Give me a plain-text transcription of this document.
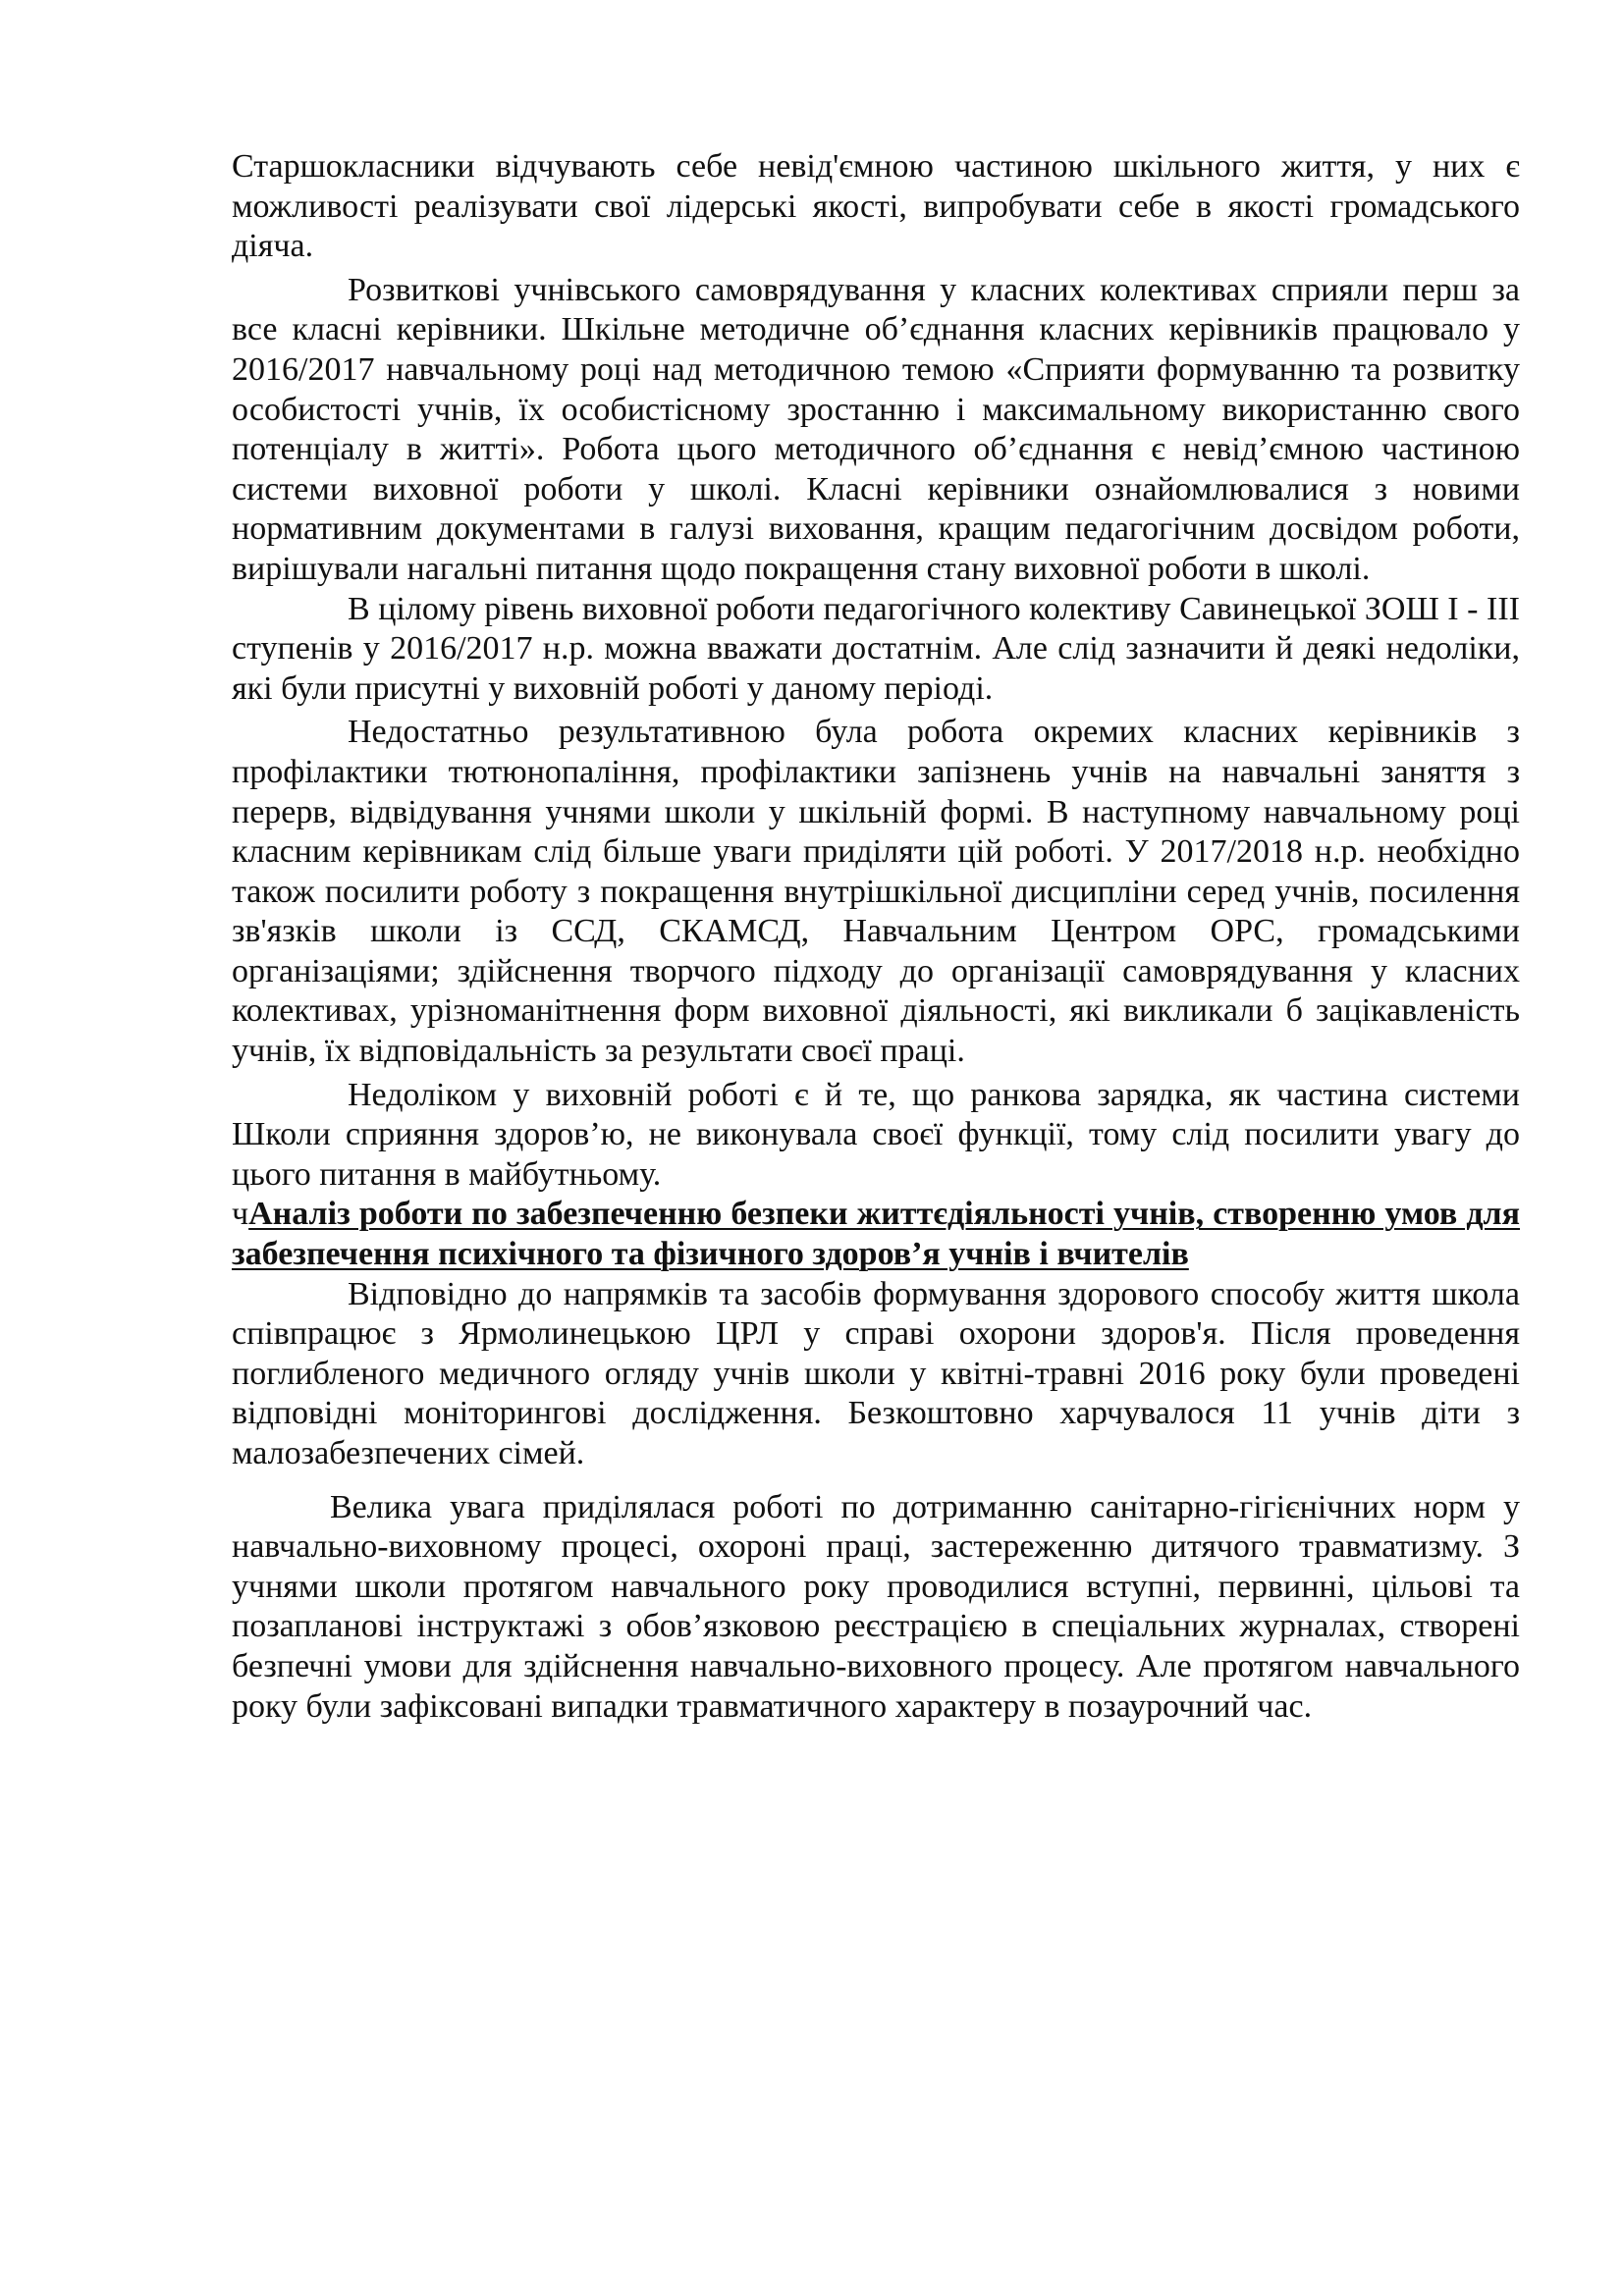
Старшокласники відчувають себе невід'ємною частиною шкільного життя, у них є можливості реалізувати свої лідерські якості, випробувати себе в якості громадського діяча.

Розвиткові учнівського самоврядування у класних колективах сприяли перш за все класні керівники. Шкільне методичне об’єднання класних керівників працювало у 2016/2017 навчальному році над методичною темою «Сприяти формуванню та розвитку особистості учнів, їх особистісному зростанню і максимальному використанню свого потенціалу в житті». Робота цього методичного об’єднання є невід’ємною частиною системи виховної роботи у школі. Класні керівники ознайомлювалися з новими нормативним документами в галузі виховання, кращим педагогічним досвідом роботи, вирішували нагальні питання щодо покращення стану виховної роботи в школі.

В цілому рівень виховної роботи педагогічного колективу Савинецької ЗОШ І - ІІІ ступенів у 2016/2017 н.р. можна вважати достатнім. Але слід зазначити й деякі недоліки, які були присутні у виховній роботі у даному періоді.

Недостатньо результативною була робота окремих класних керівників з профілактики тютюнопаління, профілактики запізнень учнів на навчальні заняття з перерв, відвідування учнями школи у шкільній формі. В наступному навчальному році класним керівникам слід більше уваги приділяти цій роботі. У 2017/2018 н.р. необхідно також посилити роботу з покращення внутрішкільної дисципліни серед учнів, посилення зв'язків школи із ССД, СКАМСД, Навчальним Центром ОРС, громадськими організаціями; здійснення творчого підходу до організації самоврядування у класних колективах, урізноманітнення форм виховної діяльності, які викликали б зацікавленість учнів, їх відповідальність за результати своєї праці.

Недоліком у виховній роботі є й те, що ранкова зарядка, як частина системи Школи сприяння здоров’ю, не виконувала своєї функції, тому слід посилити увагу до цього питання в майбутньому.

чАналіз роботи по забезпеченню безпеки життєдіяльності учнів, створенню умов для забезпечення психічного та фізичного здоров’я учнів і вчителів

Відповідно до напрямків та засобів формування здорового способу життя школа співпрацює з Ярмолинецькою ЦРЛ у справі охорони здоров'я. Після проведення поглибленого медичного огляду учнів школи у квітні-травні 2016 року були проведені відповідні моніторингові дослідження. Безкоштовно харчувалося 11 учнів діти з малозабезпечених сімей.

Велика увага приділялася роботі по дотриманню санітарно-гігієнічних норм у навчально-виховному процесі, охороні праці, застереженню дитячого травматизму. З учнями школи протягом навчального року проводилися вступні, первинні, цільові та позапланові інструктажі з обов’язковою реєстрацією в спеціальних журналах, створені безпечні умови для здійснення навчально-виховного процесу. Але протягом навчального року були зафіксовані випадки травматичного характеру в позаурочний час.
